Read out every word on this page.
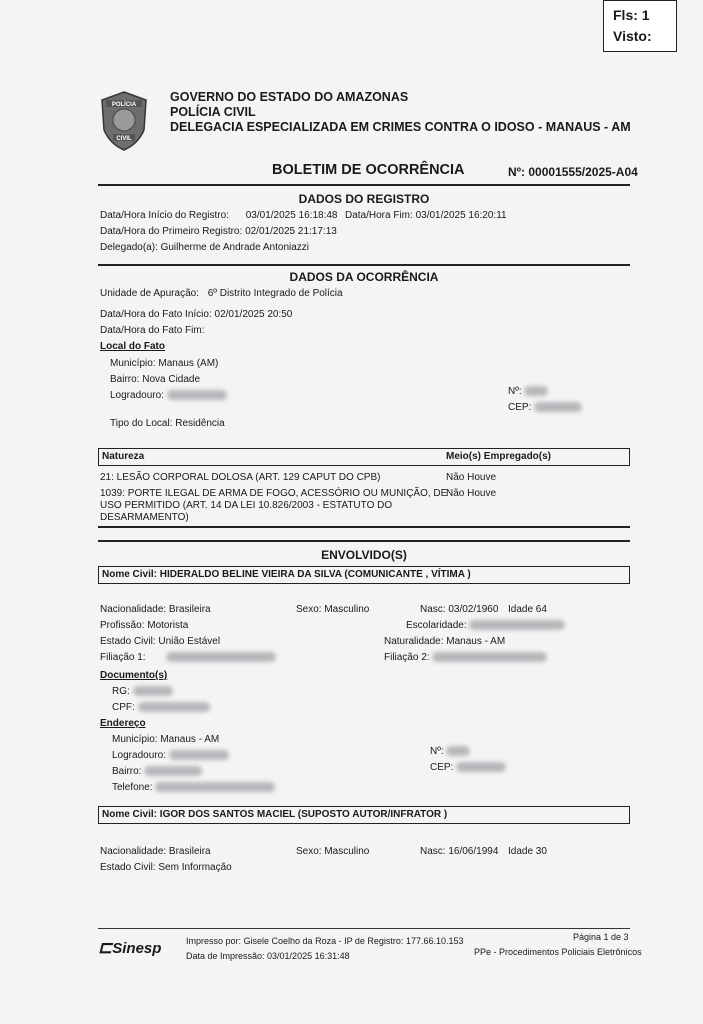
Fls: 1
Visto:
POLÍCIA
CIVIL
GOVERNO DO ESTADO DO AMAZONAS
POLÍCIA CIVIL
DELEGACIA ESPECIALIZADA EM CRIMES CONTRA O IDOSO - MANAUS - AM
BOLETIM DE OCORRÊNCIA	Nº: 00001555/2025-A04
DADOS DO REGISTRO
Data/Hora Início do Registro: 03/01/2025 16:18:48 Data/Hora Fim: 03/01/2025 16:20:11
Data/Hora do Primeiro Registro: 02/01/2025 21:17:13
Delegado(a): Guilherme de Andrade Antoniazzi
DADOS DA OCORRÊNCIA
Unidade de Apuração: 6º Distrito Integrado de Polícia
Data/Hora do Fato Início: 02/01/2025 20:50
Data/Hora do Fato Fim:
Local do Fato
Município: Manaus (AM)
Bairro: Nova Cidade
Logradouro:	Nº:
CEP:
Tipo do Local: Residência
Natureza	Meio(s) Empregado(s)
21: LESÃO CORPORAL DOLOSA (ART. 129 CAPUT DO CPB)	Não Houve
1039: PORTE ILEGAL DE ARMA DE FOGO, ACESSÓRIO OU MUNIÇÃO, DE
USO PERMITIDO (ART. 14 DA LEI 10.826/2003 - ESTATUTO DO
DESARMAMENTO)
Não Houve
ENVOLVIDO(S)
Nome Civil: HIDERALDO BELINE VIEIRA DA SILVA (COMUNICANTE , VÍTIMA )
Nacionalidade: Brasileira	Sexo: Masculino	Nasc: 03/02/1960 Idade 64
Profissão: Motorista	Escolaridade:
Estado Civil: União Estável	Naturalidade: Manaus - AM
Filiação 1:	Filiação 2:
Documento(s)
RG:
CPF:
Endereço
Município: Manaus - AM
Logradouro:
Bairro:
Telefone:
Nº:
CEP:
Nome Civil: IGOR DOS SANTOS MACIEL (SUPOSTO AUTOR/INFRATOR )
Nacionalidade: Brasileira	Sexo: Masculino	Nasc: 16/06/1994 Idade 30
Estado Civil: Sem Informação
⊏Sinesp	Impresso por: Gisele Coelho da Roza - IP de Registro: 177.66.10.153
Data de Impressão: 03/01/2025 16:31:48
Página 1 de 3
PPe - Procedimentos Policiais Eletrônicos
